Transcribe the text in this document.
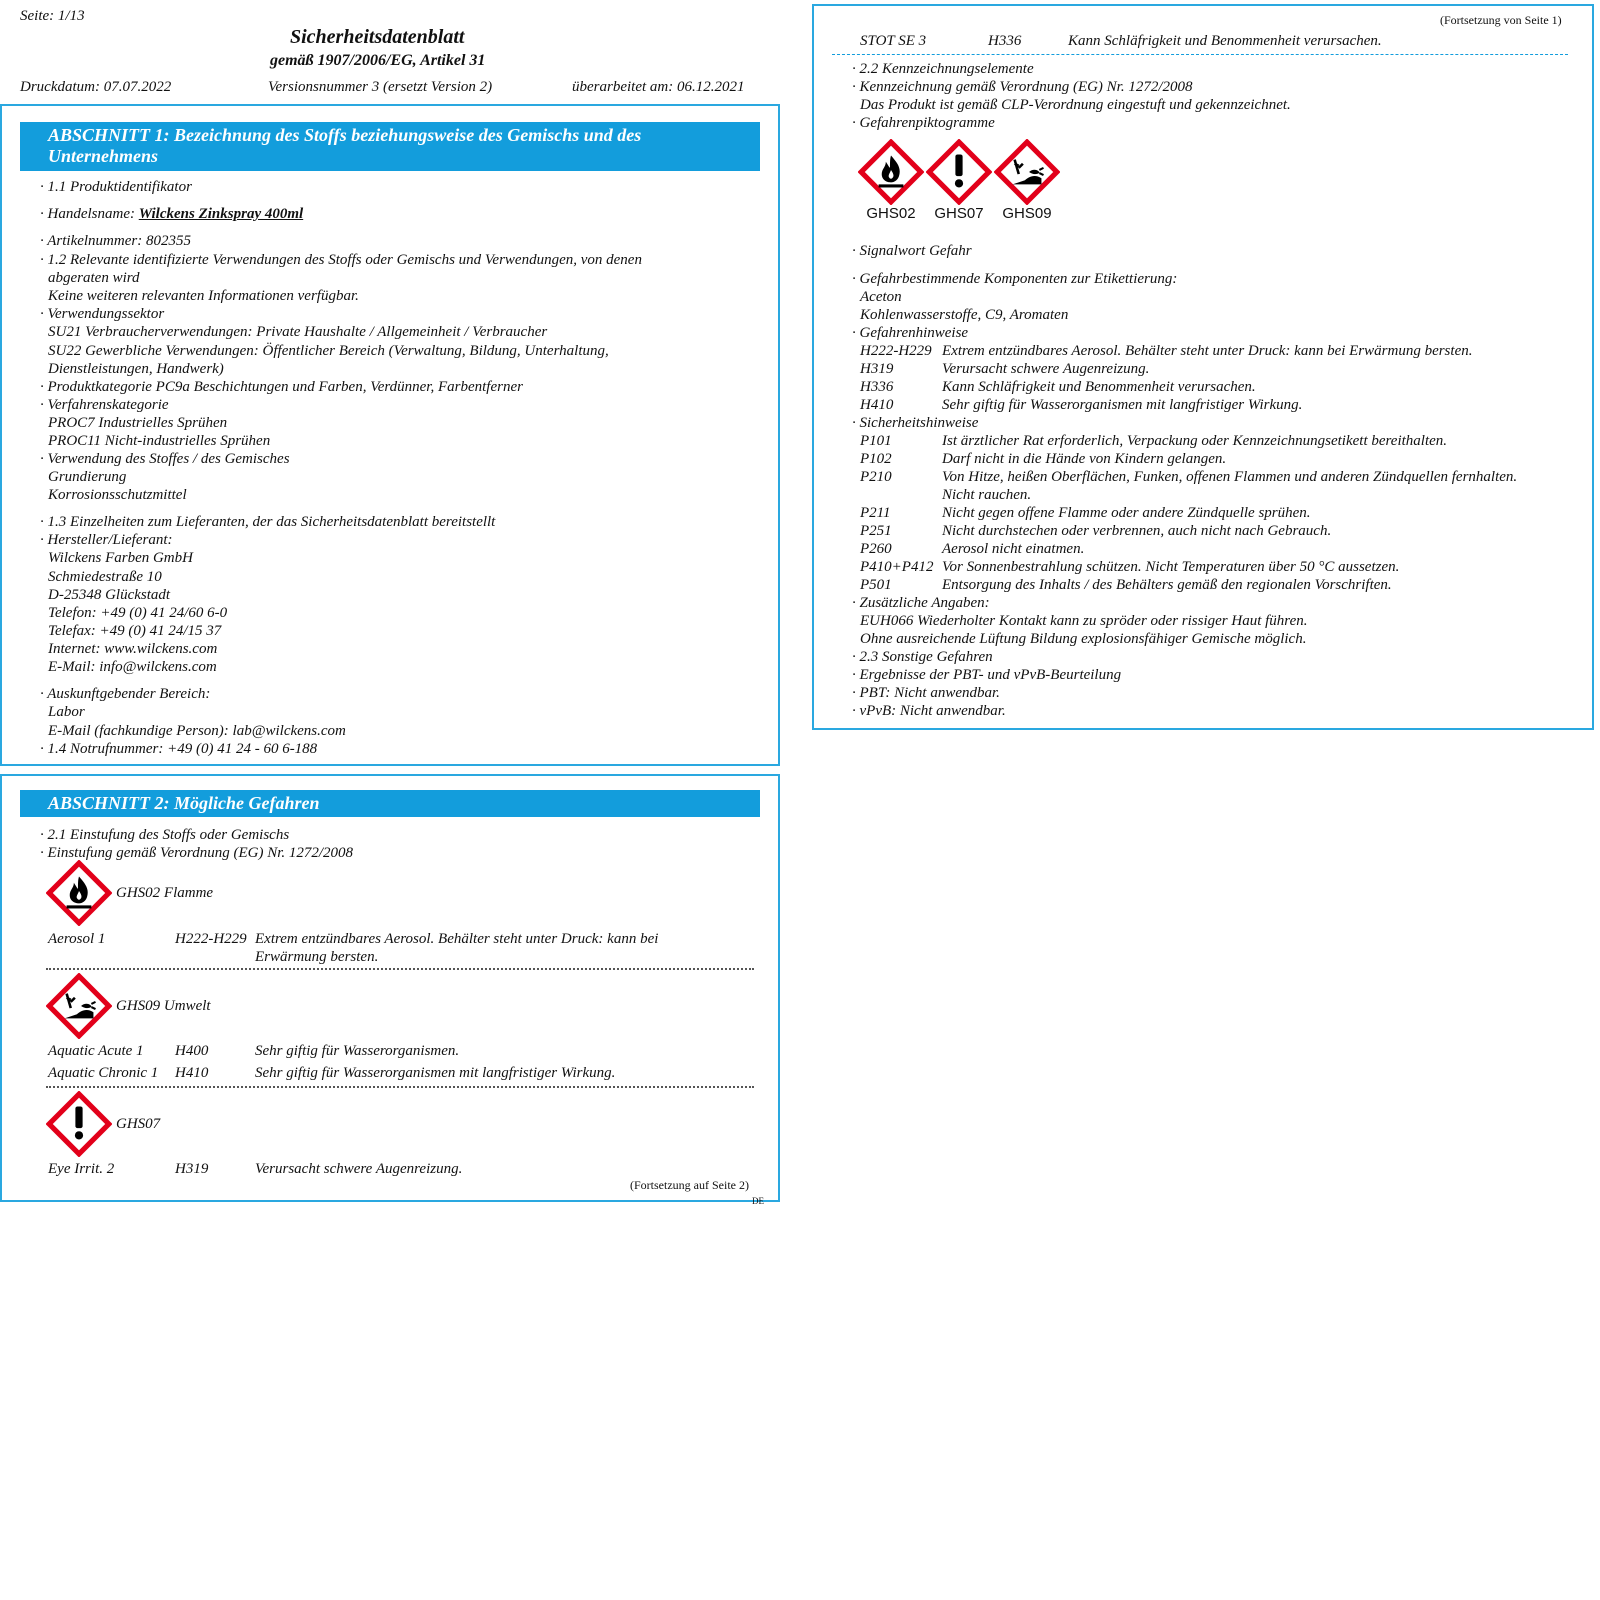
Seite: 1/13
Sicherheitsdatenblatt
gemäß 1907/2006/EG, Artikel 31
Druckdatum: 07.07.2022	Versionsnummer 3 (ersetzt Version 2)	überarbeitet am: 06.12.2021
ABSCHNITT 1: Bezeichnung des Stoffs beziehungsweise des Gemischs und des
Unternehmens
· 1.1 Produktidentifikator
· Handelsname: Wilckens Zinkspray 400ml
· Artikelnummer: 802355
· 1.2 Relevante identifizierte Verwendungen des Stoffs oder Gemischs und Verwendungen, von denen
abgeraten wird
Keine weiteren relevanten Informationen verfügbar.
· Verwendungssektor
SU21 Verbraucherverwendungen: Private Haushalte / Allgemeinheit / Verbraucher
SU22 Gewerbliche Verwendungen: Öffentlicher Bereich (Verwaltung, Bildung, Unterhaltung,
Dienstleistungen, Handwerk)
· Produktkategorie PC9a Beschichtungen und Farben, Verdünner, Farbentferner
· Verfahrenskategorie
PROC7 Industrielles Sprühen
PROC11 Nicht-industrielles Sprühen
· Verwendung des Stoffes / des Gemisches
Grundierung
Korrosionsschutzmittel
· 1.3 Einzelheiten zum Lieferanten, der das Sicherheitsdatenblatt bereitstellt
· Hersteller/Lieferant:
Wilckens Farben GmbH
Schmiedestraße 10
D-25348 Glückstadt
Telefon: +49 (0) 41 24/60 6-0
Telefax: +49 (0) 41 24/15 37
Internet: www.wilckens.com
E-Mail: info@wilckens.com
· Auskunftgebender Bereich:
Labor
E-Mail (fachkundige Person): lab@wilckens.com
· 1.4 Notrufnummer: +49 (0) 41 24 - 60 6-188
ABSCHNITT 2: Mögliche Gefahren
· 2.1 Einstufung des Stoffs oder Gemischs
· Einstufung gemäß Verordnung (EG) Nr. 1272/2008
GHS02 Flamme
Aerosol 1	H222-H229 Extrem entzündbares Aerosol. Behälter steht unter Druck: kann bei
Erwärmung bersten.
GHS09 Umwelt
Aquatic Acute 1 H400	Sehr giftig für Wasserorganismen.
Aquatic Chronic 1 H410	Sehr giftig für Wasserorganismen mit langfristiger Wirkung.
GHS07
Eye Irrit. 2	H319	Verursacht schwere Augenreizung.
(Fortsetzung auf Seite 2)
DE
(Fortsetzung von Seite 1)
STOT SE 3	H336	Kann Schläfrigkeit und Benommenheit verursachen.
· 2.2 Kennzeichnungselemente
· Kennzeichnung gemäß Verordnung (EG) Nr. 1272/2008
Das Produkt ist gemäß CLP-Verordnung eingestuft und gekennzeichnet.
· Gefahrenpiktogramme
GHS02	GHS07	GHS09
· Signalwort Gefahr
· Gefahrbestimmende Komponenten zur Etikettierung:
Aceton
Kohlenwasserstoffe, C9, Aromaten
· Gefahrenhinweise
H222-H229 Extrem entzündbares Aerosol. Behälter steht unter Druck: kann bei Erwärmung bersten.
H319	Verursacht schwere Augenreizung.
H336	Kann Schläfrigkeit und Benommenheit verursachen.
H410	Sehr giftig für Wasserorganismen mit langfristiger Wirkung.
· Sicherheitshinweise
P101	Ist ärztlicher Rat erforderlich, Verpackung oder Kennzeichnungsetikett bereithalten.
P102	Darf nicht in die Hände von Kindern gelangen.
P210	Von Hitze, heißen Oberflächen, Funken, offenen Flammen und anderen Zündquellen fernhalten.
Nicht rauchen.
P211	Nicht gegen offene Flamme oder andere Zündquelle sprühen.
P251	Nicht durchstechen oder verbrennen, auch nicht nach Gebrauch.
P260	Aerosol nicht einatmen.
P410+P412 Vor Sonnenbestrahlung schützen. Nicht Temperaturen über 50 °C aussetzen.
P501	Entsorgung des Inhalts / des Behälters gemäß den regionalen Vorschriften.
· Zusätzliche Angaben:
EUH066 Wiederholter Kontakt kann zu spröder oder rissiger Haut führen.
Ohne ausreichende Lüftung Bildung explosionsfähiger Gemische möglich.
· 2.3 Sonstige Gefahren
· Ergebnisse der PBT- und vPvB-Beurteilung
· PBT: Nicht anwendbar.
· vPvB: Nicht anwendbar.
